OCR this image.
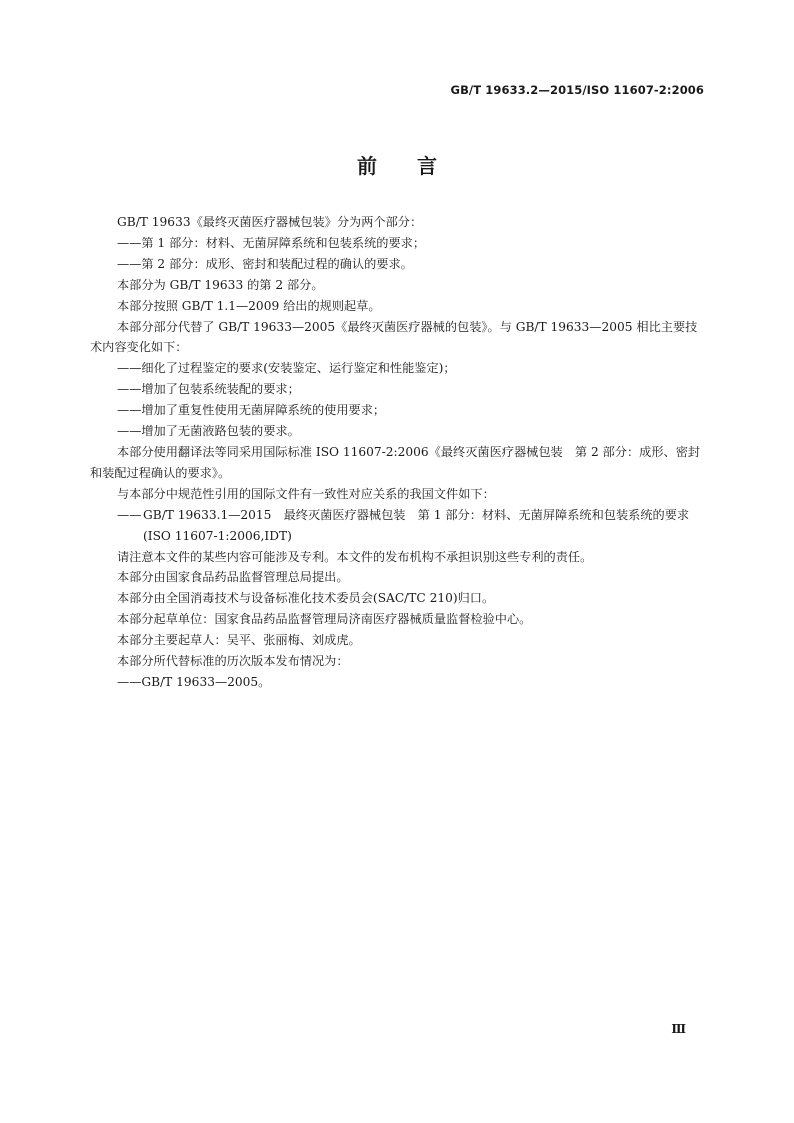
GB/T 19633.2—2015/ISO 11607-2:2006
前言

GB/T 19633《最终灭菌医疗器械包装》分为两个部分：

——第 1 部分：材料、无菌屏障系统和包装系统的要求；

——第 2 部分：成形、密封和装配过程的确认的要求。

本部分为 GB/T 19633 的第 2 部分。

本部分按照 GB/T 1.1—2009 给出的规则起草。

本部分部分代替了 GB/T 19633—2005《最终灭菌医疗器械的包装》。与 GB/T 19633—2005 相比主要技术内容变化如下：

——细化了过程鉴定的要求(安装鉴定、运行鉴定和性能鉴定)；

——增加了包装系统装配的要求；

——增加了重复性使用无菌屏障系统的使用要求；

——增加了无菌液路包装的要求。

本部分使用翻译法等同采用国际标准 ISO 11607-2:2006《最终灭菌医疗器械包装　第 2 部分：成形、密封和装配过程确认的要求》。

与本部分中规范性引用的国际文件有一致性对应关系的我国文件如下：

—— GB/T 19633.1—2015　最终灭菌医疗器械包装　第 1 部分：材料、无菌屏障系统和包装系统的要求(ISO 11607-1:2006,IDT)

请注意本文件的某些内容可能涉及专利。本文件的发布机构不承担识别这些专利的责任。

本部分由国家食品药品监督管理总局提出。

本部分由全国消毒技术与设备标准化技术委员会(SAC/TC 210)归口。

本部分起草单位：国家食品药品监督管理局济南医疗器械质量监督检验中心。

本部分主要起草人：吴平、张丽梅、刘成虎。

本部分所代替标准的历次版本发布情况为：

——GB/T 19633—2005。

Ⅲ
